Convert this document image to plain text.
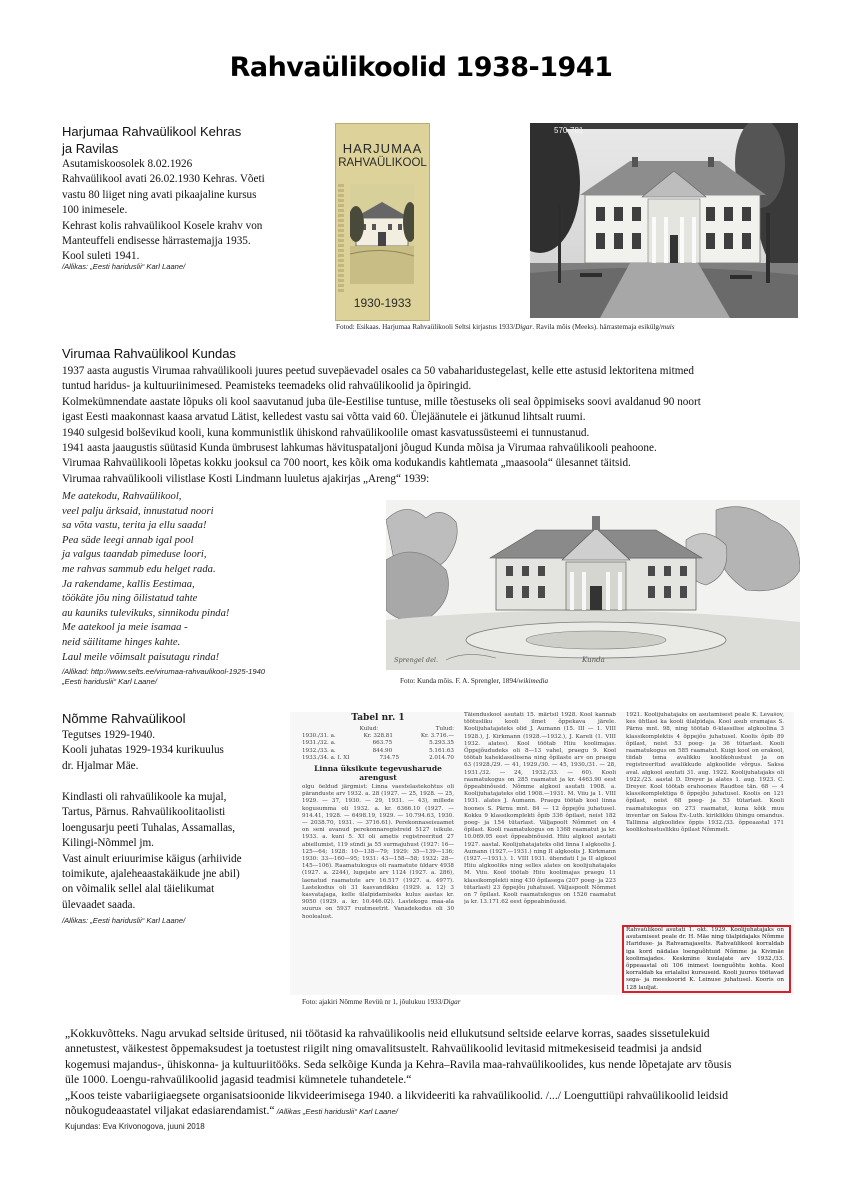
Rahvaülikoolid 1938-1941
Harjumaa Rahvaülikool Kehras
ja Ravilas
Asutamiskoosolek 8.02.1926
Rahvaülikool avati 26.02.1930 Kehras. Võeti
vastu 80 liiget ning avati pikaajaline kursus
100 inimesele.
Kehrast kolis rahvaülikool Kosele krahv von
Manteuffeli endisesse härrastemajja 1935.
Kool suleti 1941.
/Allikas: „Eesti hariduslii“ Karl Laane/
HARJUMAA
RAHVAÜLIKOOL
1930-1933
570-781
Fotod: Esikaas. Harjumaa Rahvaülikooli Seltsi kirjastus 1933/Digar. Ravila mõis (Meeks). härrastemaja esikülg/muis
Virumaa Rahvaülikool Kundas
1937 aasta augustis Virumaa rahvaülikooli juures peetud suvepäevadel osales ca 50 vabaharidustegelast, kelle ette astusid lektoritena mitmed
tuntud haridus- ja kultuuriinimesed. Peamisteks teemadeks olid rahvaülikoolid ja õpiringid.
Kolmekümnendate aastate lõpuks oli kool saavutanud juba üle-Eestilise tuntuse, mille tõestuseks oli seal õppimiseks soovi avaldanud 90 noort
igast Eesti maakonnast kaasa arvatud Lätist, kelledest vastu sai võtta vaid 60. Ülejäänutele ei jätkunud lihtsalt ruumi.
1940 sulgesid bolševikud kooli, kuna kommunistlik ühiskond rahvaülikoolile omast kasvatussüsteemi ei tunnustanud.
1941 aasta jaaugustis süütasid Kunda ümbrusest lahkumas hävituspataljoni jõugud Kunda mõisa ja Virumaa rahvaülikooli peahoone.
Virumaa Rahvaülikooli lõpetas kokku jooksul ca 700 noort, kes kõik oma kodukandis kahtlemata „maasoola“ ülesannet täitsid.
Virumaa rahvaülikooli vilistlase Kosti Lindmann luuletus ajakirjas „Areng“ 1939:
Me aatekodu, Rahvaülikool,
veel palju ärksaid, innustatud noori
sa võta vastu, terita ja ellu saada!
Pea säde leegi annab igal pool
ja valgus taandab pimeduse loori,
me rahvas sammub edu helget rada.
Ja rakendame, kallis Eestimaa,
töökäte jõu ning õilistatud tahte
au kauniks tulevikuks, sinnikodu pinda!
Me aatekool ja meie isamaa -
neid säilitame hinges kahte.
Laul meile võimsalt paisutagu rinda!
/Allikad: http://www.selts.ee/virumaa-rahvaulikool-1925-1940
„Eesti hariduslii“ Karl Laane/
Sprengel del.	Kunda
Foto: Kunda mõis. F. A. Sprengler, 1894/wikimedia
Nõmme Rahvaülikool
Tegutses 1929-1940.
Kooli juhatas 1929-1934 kurikuulus
dr. Hjalmar Mäe.
Kindlasti oli rahvaülikoole ka mujal,
Tartus, Pärnus. Rahvaülikoolitaolisti
loengusarju peeti Tuhalas, Assamallas,
Kilingi-Nõmmel jm.
Vast ainult eriuurimise käigus (arhiivide
toimikute, ajaleheaastakäikude jne abil)
on võimalik sellel alal täielikumat
ülevaadet saada.
/Allikas: „Eesti hariduslii“ Karl Laane/
Tabel nr. 1
Kulud:	Tulud:
1930./31. a.	Kr. 328.81	Kr. 3.716.—
1931./32. a.	663.75	5.293.35
1932./33. a.	844.90	5.161.63
1933./34. a. I. XI	734.75	2.014.70
Linna üksikute tegevusharude arengust
olgu öeldud järgmist: Linna vaestelastekohtus oli päranduste arv 1932. a. 28 (1927. — 25, 1928. — 25, 1929. — 37, 1930. — 29, 1931. — 43), millede kogusumma oli 1932. a. kr. 6366.10 (1927. — 914.41, 1928. — 6498.19, 1929. — 10.794.63, 1930. — 2038.70, 1931. — 3716.61). Perekonnaseisuamet on seni avanud perekonnaregistreid 5127 isikule. 1933. a. kuni 5. XI oli ametis registreeritud 27 abiellumist, 119 sündi ja 55 surmajuhust (1927: 16—125—64; 1928: 10—138—79; 1929: 35—139—136; 1930: 33—160—95; 1931: 43—158—58; 1932: 28—145—106). Raamatukogus oli raamatute üldarv 4938 (1927. a. 2244), lugejate arv 1124 (1927. a. 286), laenatud raamatute arv 16.517 (1927. a. 4977). Lastekodus oli 31 kasvandikku (1929. a. 12) 3 kasvatajaga, kelle ülalpidamiseks kulus aastas kr. 9050 (1929. a. kr. 10.446.02). Lastekogu maa-ala suurus on 5937 ruutmeetrit. Vanadekodus oli 30 hoolealust.
Täienduskool asutati 15. märtsil 1928. Kool kannab töötusliku kooli ilmet õppekava järele. Koolijuhatajateks olid J. Aumann (15. III — 1. VIII 1928.), J. Kirkmann (1928.—1932.), J. Kareli (1. VIII 1932. alates). Kool töötab Hiiu koolimajas. Õppejõududeks oli 8—13 vahel, praegu 9. Kool töötab kaheklassilisena ning õpilaste arv on praegu 63 (1928./29. — 41, 1929./30. — 45, 1930./31. — 28, 1931./32. — 24, 1932./33. — 60). Kooli raamatukogus on 285 raamatut ja kr. 4463.90 eest õppeabinõusid. Nõmme algkool asutati 1908. a. Koolijuhatajateks olid 1908.—1931. M. Viiu ja 1. VIII 1931. alates J. Aumann. Praegu töötab kool linna hoones S. Pärnu mnt. 84 — 12 õppejõu juhatusel. Kokku 9 klassikomplekti õpib 336 õpilast, neist 182 poeg- ja 154 tütarlast. Väljapoolt Nõmmet on 4 õpilast. Kooli raamatukogus on 1368 raamatut ja kr. 10.069.95 eest õppeabinõusid. Hiiu algkool asutati 1927. aastal. Koolijuhatajateks olid linna I algkoolis J. Aumann (1927.—1931.) ning II algkoolis J. Kirkmann (1927.—1931.). 1. VIII 1931. ühendati I ja II algkool Hiiu algkooliks ning selles alates on koolijuhatajaks M. Viiu. Kool töötab Hiiu koolimajas praegu 11 klassikomplekti ning 430 õpilasega (207 poeg- ja 223 tütarlast) 23 õppejõu juhatusel. Väljaspoolt Nõmmet on 7 õpilast. Kooli raamatukogus on 1526 raamatut ja kr. 13.171.62 eest õppeabinõusid.
1921. Koolijuhatajaks on asutamisest peale K. Levašov, kes ühtlasi ka kooli ülalpidaja. Kool asub eramajas S. Pärnu mnt. 98, ning töötab 6-klassilise algkoolina 3 klassikomplektis 4 õppejõu juhatusel. Koolis õpib 89 õpilast, neist 53 poeg- ja 36 tütarlast. Kooli raamatukogus on 585 raamatut. Kuigi kool on erakool, tiidab tema avalikku koolikohustust ja on registreeritud avalikkude algkoolide võrgus. Saksa aval. algkool asutati 31. aug. 1922. Koolijuhatajaks oli 1922./23. aastal D. Dreyer ja alates 1. aug. 1923. C. Dreyer. Kool töötab erahoones Raudtee tän. 68 — 4 klassikomplektiga 6 õppejõu juhatusel. Koolis on 121 õpilast, neist 68 poeg- ja 53 tütarlast. Kooli raamatukogus on 273 raamatut, kuna kõik muu inventar on Saksa Ev.-Luth. kiriklikku ühingu omandus. Tallinna algkoolides õppis 1932./33. õppeaastal 171 koolikohustuslikku õpilast Nõmmelt.
Rahvaülikool asutati 1. okt. 1929. Koolijuhatajaks on asutamisest peale dr. H. Mäe ning ülalpidajaks Nõmme Hariduse- ja Rahvamajaselts. Rahvaülikool korraldab iga kord nädalas loenguõhtuid Nõmme ja Kivimäe koolimajades. Keskmine kuulajate arv 1932./33. õppeaastal oli 106 inimest loenguõhtu kohta. Kool korraldab ka erialalisi kursuseid. Kooli juures töötavad sega- ja meeskoorid K. Leinuse juhatusel. Kooris on 128 lauljat.
Foto: ajakiri Nõmme Revüü nr 1, jõulukuu 1933/Digar
„Kokkuvõtteks. Nagu arvukad seltside üritused, nii töötasid ka rahvaülikoolis neid ellukutsund seltside eelarve korras, saades sissetulekuid
annetustest, väikestest õppemaksudest ja toetustest riigilt ning omavalitsustelt. Rahvaülikoolid levitasid mitmekesiseid teadmisi ja andsid
kogemusi majandus-, ühiskonna- ja kultuuriitööks. Seda selkõige Kunda ja Kehra–Ravila maa-rahvaülikoolides, kus nende lõpetajate arv tõusis
üle 1000. Loengu-rahvaülikoolid jagasid teadmisi kümnetele tuhandetele.“
„Koos teiste vabariigiaegsete organisatsioonide likvideerimisega 1940. a likvideeriti ka rahvaülikoolid. /.../ Loenguttiüpi rahvaülikoolid leidsid
nõukogudeaastatel viljakat edasiarendamist.“ /Allikas „Eesti hariduslii“ Karl Laane/
Kujundas: Eva Krivonogova, juuni 2018
